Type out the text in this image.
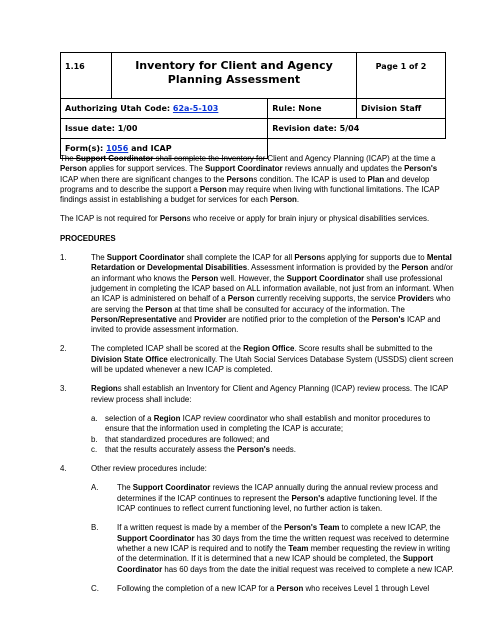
1.16	Inventory for Client and Agency Planning Assessment		Page 1 of 2
Authorizing Utah Code: 62a-5-103		Rule: None	Division Staff
Issue date: 1/00		Revision date: 5/04	
Form(s): 1056 and ICAP			

The Support Coordinator shall complete the Inventory for Client and Agency Planning (ICAP) at the time a Person applies for support services. The Support Coordinator reviews annually and updates the Person's ICAP when there are significant changes to the Persons condition. The ICAP is used to Plan and develop programs and to describe the support a Person may require when living with functional limitations. The ICAP findings assist in establishing a budget for services for each Person.

The ICAP is not required for Persons who receive or apply for brain injury or physical disabilities services.

PROCEDURES

1.	The Support Coordinator shall complete the ICAP for all Persons applying for supports due to Mental Retardation or Developmental Disabilities. Assessment information is provided by the Person and/or an informant who knows the Person well. However, the Support Coordinator shall use professional judgement in completing the ICAP based on ALL information available, not just from an informant. When an ICAP is administered on behalf of a Person currently receiving supports, the service Providers who are serving the Person at that time shall be consulted for accuracy of the information. The Person/Representative and Provider are notified prior to the completion of the Person's ICAP and invited to provide assessment information.
2.	The completed ICAP shall be scored at the Region Office. Score results shall be submitted to the Division State Office electronically. The Utah Social Services Database System (USSDS) client screen will be updated whenever a new ICAP is completed.
3.	Regions shall establish an Inventory for Client and Agency Planning (ICAP) review process. The ICAP review process shall include:
a. selection of a Region ICAP review coordinator who shall establish and monitor procedures to ensure that the information used in completing the ICAP is accurate;
b. that standardized procedures are followed; and
c. that the results accurately assess the Person's needs.
4.	Other review procedures include:
A. The Support Coordinator reviews the ICAP annually during the annual review process and determines if the ICAP continues to represent the Person's adaptive functioning level. If the ICAP continues to reflect current functioning level, no further action is taken.
B. If a written request is made by a member of the Person's Team to complete a new ICAP, the Support Coordinator has 30 days from the time the written request was received to determine whether a new ICAP is required and to notify the Team member requesting the review in writing of the determination. If it is determined that a new ICAP should be completed, the Support Coordinator has 60 days from the date the initial request was received to complete a new ICAP.
C. Following the completion of a new ICAP for a Person who receives Level 1 through Level
